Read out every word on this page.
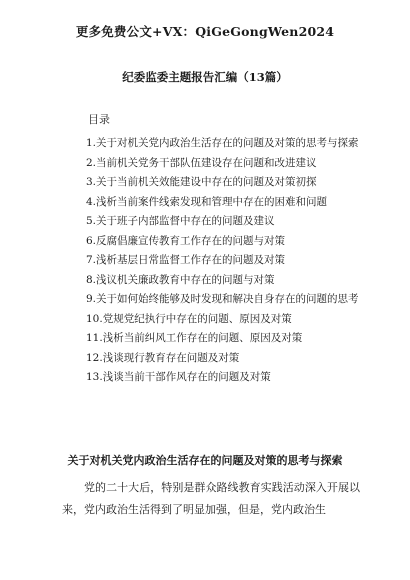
更多免费公文+VX：QiGeGongWen2024
纪委监委主题报告汇编（13篇）
目录
1.关于对机关党内政治生活存在的问题及对策的思考与探索
2.当前机关党务干部队伍建设存在问题和改进建议
3.关于当前机关效能建设中存在的问题及对策初探
4.浅析当前案件线索发现和管理中存在的困难和问题
5.关于班子内部监督中存在的问题及建议
6.反腐倡廉宣传教育工作存在的问题与对策
7.浅析基层日常监督工作存在的问题及对策
8.浅议机关廉政教育中存在的问题与对策
9.关于如何始终能够及时发现和解决自身存在的问题的思考
10.党规党纪执行中存在的问题、原因及对策
11.浅析当前纠风工作存在的问题、原因及对策
12.浅谈现行教育存在问题及对策
13.浅谈当前干部作风存在的问题及对策
关于对机关党内政治生活存在的问题及对策的思考与探索

党的二十大后，特别是群众路线教育实践活动深入开展以来，党内政治生活得到了明显加强，但是，党内政治生
